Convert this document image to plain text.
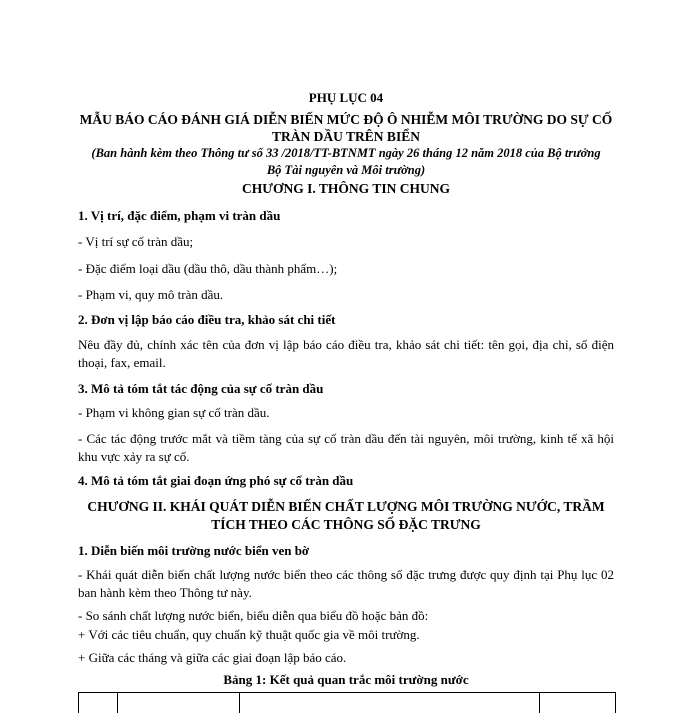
PHỤ LỤC 04

MẪU BÁO CÁO ĐÁNH GIÁ DIỄN BIẾN MỨC ĐỘ Ô NHIỄM MÔI TRƯỜNG DO SỰ CỐ TRÀN DẦU TRÊN BIỂN

(Ban hành kèm theo Thông tư số 33 /2018/TT-BTNMT ngày 26 tháng 12 năm 2018 của Bộ trưởng Bộ Tài nguyên và Môi trường)

CHƯƠNG I. THÔNG TIN CHUNG

1. Vị trí, đặc điểm, phạm vi tràn dầu

- Vị trí sự cố tràn dầu;

- Đặc điểm loại dầu (dầu thô, dầu thành phẩm…);

- Phạm vi, quy mô tràn dầu.

2. Đơn vị lập báo cáo điều tra, khảo sát chi tiết

Nêu đầy đủ, chính xác tên của đơn vị lập báo cáo điều tra, khảo sát chi tiết: tên gọi, địa chỉ, số điện thoại, fax, email.

3. Mô tả tóm tắt tác động của sự cố tràn dầu

- Phạm vi không gian sự cố tràn dầu.

- Các tác động trước mắt và tiềm tàng của sự cố tràn dầu đến tài nguyên, môi trường, kinh tế xã hội khu vực xảy ra sự cố.

4. Mô tả tóm tắt giai đoạn ứng phó sự cố tràn dầu

CHƯƠNG II. KHÁI QUÁT DIỄN BIẾN CHẤT LƯỢNG MÔI TRƯỜNG NƯỚC, TRẦM TÍCH THEO CÁC THÔNG SỐ ĐẶC TRƯNG

1. Diễn biến môi trường nước biển ven bờ

- Khái quát diễn biến chất lượng nước biển theo các thông số đặc trưng được quy định tại Phụ lục 02 ban hành kèm theo Thông tư này.

- So sánh chất lượng nước biển, biểu diễn qua biểu đồ hoặc bản đồ:

+ Với các tiêu chuẩn, quy chuẩn kỹ thuật quốc gia về môi trường.

+ Giữa các tháng và giữa các giai đoạn lập báo cáo.

Bảng 1: Kết quả quan trắc môi trường nước
